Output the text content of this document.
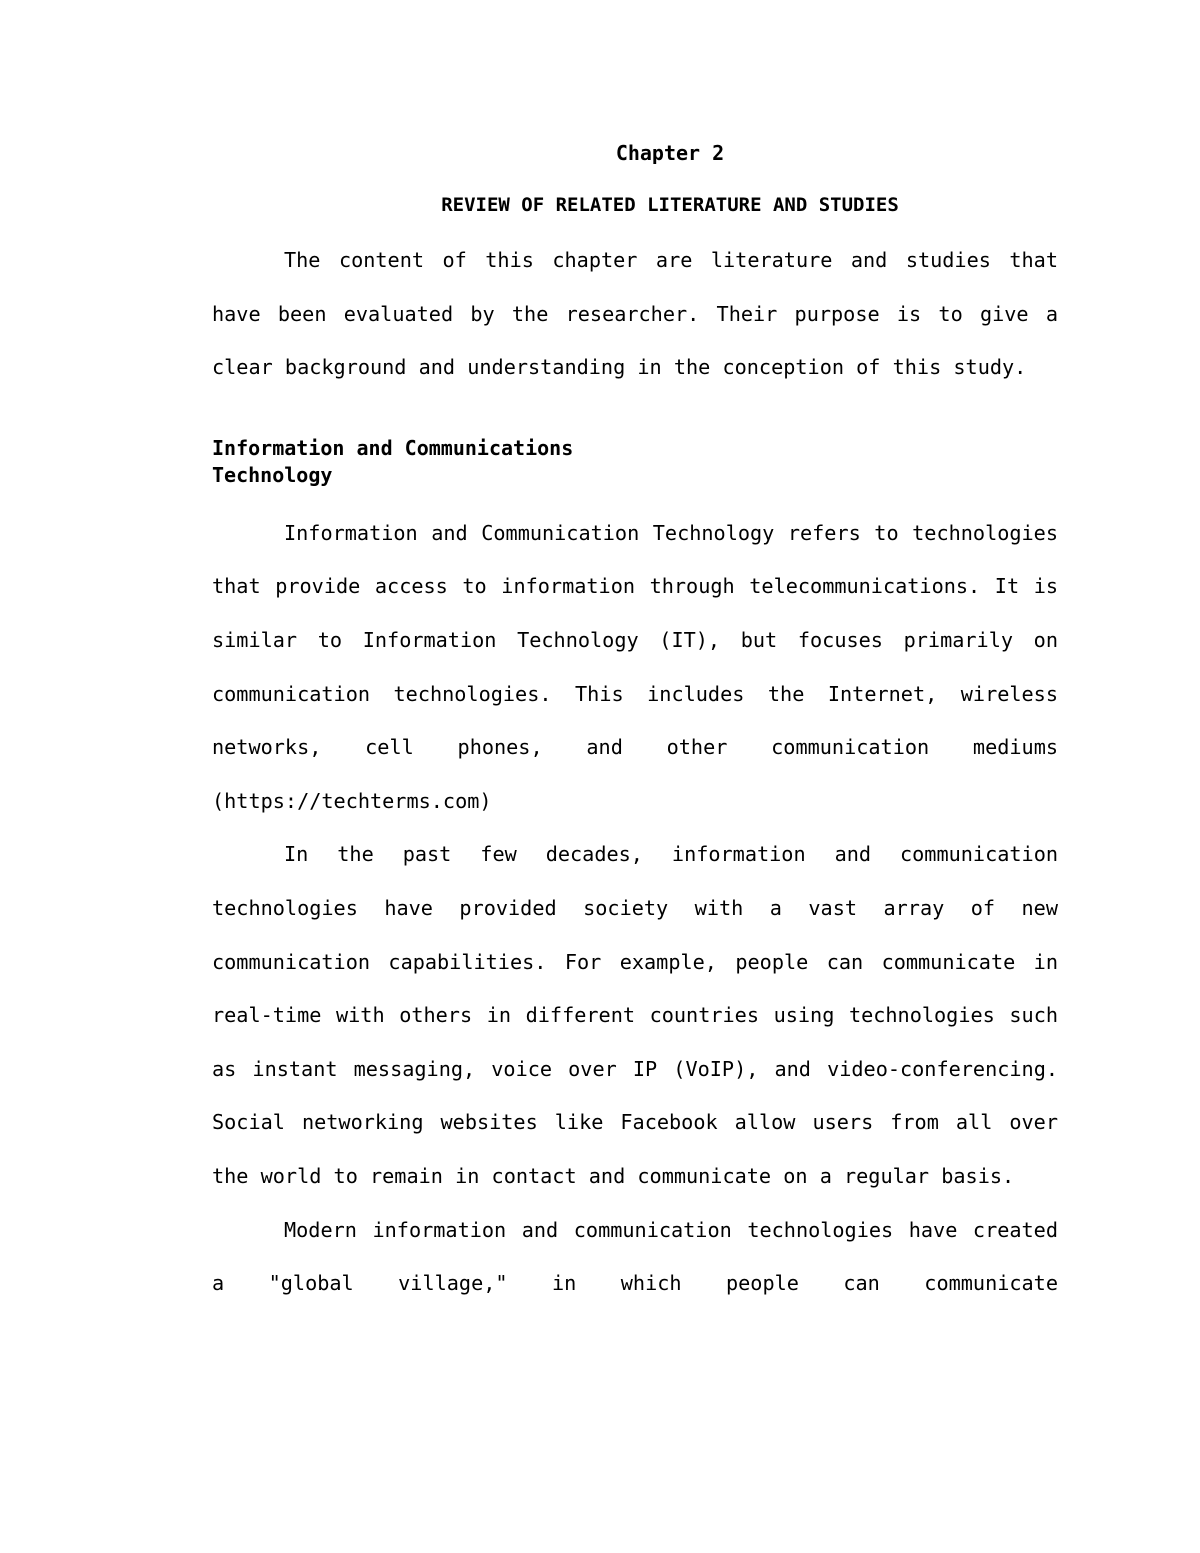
Chapter 2
REVIEW OF RELATED LITERATURE AND STUDIES

The content of this chapter are literature and studies that have been evaluated by the researcher. Their purpose is to give a clear background and understanding in the conception of this study.

Information and Communications Technology

Information and Communication Technology refers to technologies that provide access to information through telecommunications. It is similar to Information Technology (IT), but focuses primarily on communication technologies. This includes the Internet, wireless networks, cell phones, and other communication mediums (https://techterms.com)

In the past few decades, information and communication technologies have provided society with a vast array of new communication capabilities. For example, people can communicate in real-time with others in different countries using technologies such as instant messaging, voice over IP (VoIP), and video-conferencing. Social networking websites like Facebook allow users from all over the world to remain in contact and communicate on a regular basis.

Modern information and communication technologies have created a "global village," in which people can communicate
